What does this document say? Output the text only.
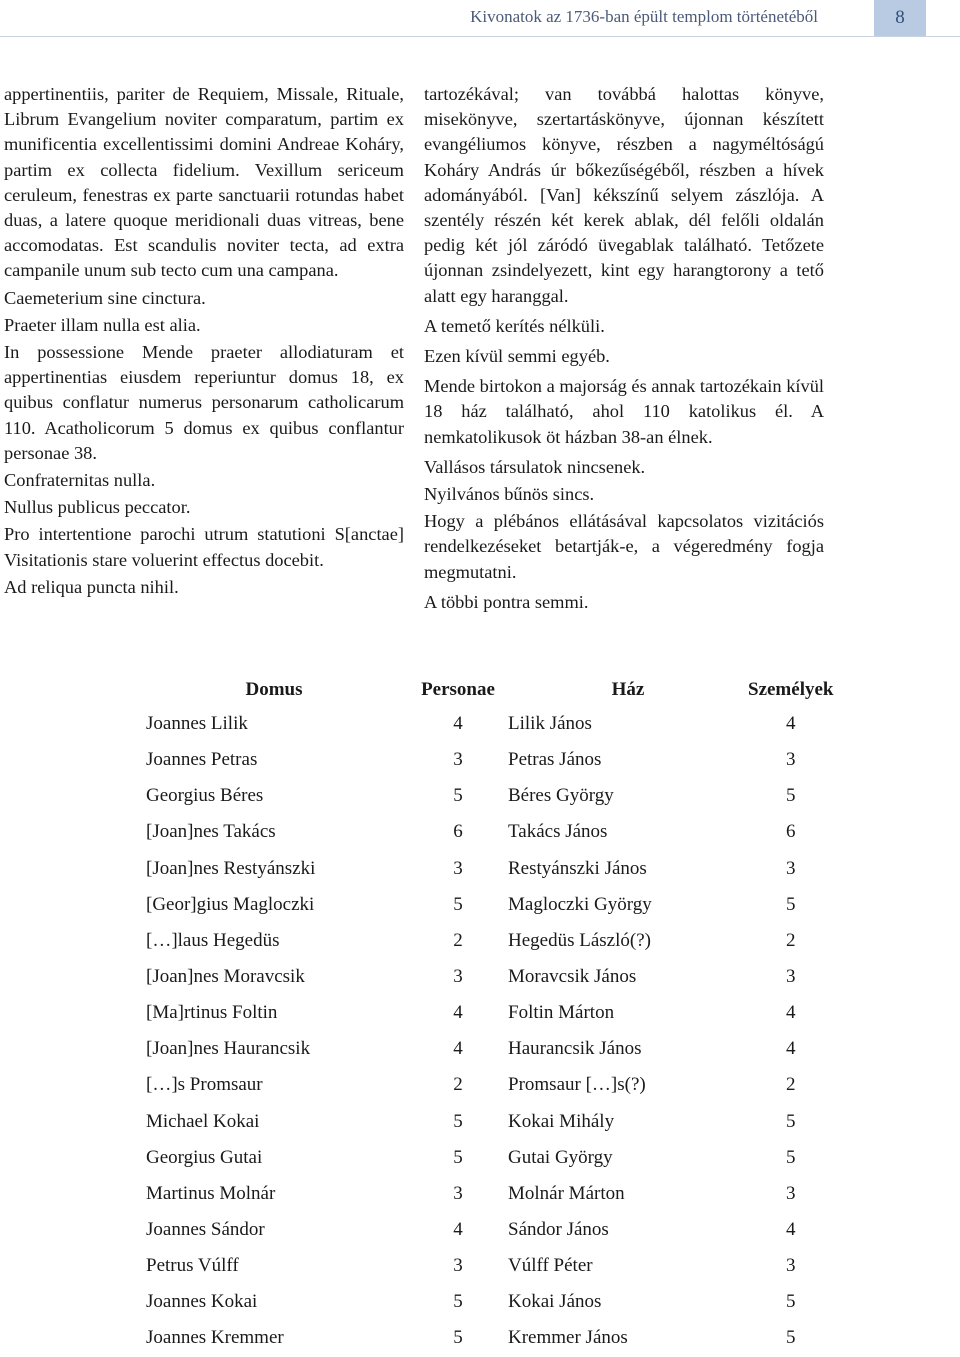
Kivonatok az 1736-ban épült templom történetéből	8

appertinentiis, pariter de Requiem, Missale, Rituale, Librum Evangelium noviter comparatum, partim ex munificentia excellentissimi domini Andreae Koháry, partim ex collecta fidelium. Vexillum sericeum ceruleum, fenestras ex parte sanctuarii rotundas habet duas, a latere quoque meridionali duas vitreas, bene accomodatas. Est scandulis noviter tecta, ad extra campanile unum sub tecto cum una campana.

Caemeterium sine cinctura.

Praeter illam nulla est alia.

In possessione Mende praeter allodiaturam et appertinentias eiusdem reperiuntur domus 18, ex quibus conflatur numerus personarum catholicarum 110. Acatholicorum 5 domus ex quibus conflantur personae 38.

Confraternitas nulla.

Nullus publicus peccator.

Pro intertentione parochi utrum statutioni S[anctae] Visitationis stare voluerint effectus docebit.

Ad reliqua puncta nihil.

tartozékával; van továbbá halottas könyve, misekönyve, szertartáskönyve, újonnan készített evangéliumos könyve, részben a nagyméltóságú Koháry András úr bőkezűségéből, részben a hívek adományából. [Van] kékszínű selyem zászlója. A szentély részén két kerek ablak, dél felőli oldalán pedig két jól záródó üvegablak található. Tetőzete újonnan zsindelyezett, kint egy harangtorony a tető alatt egy haranggal.

A temető kerítés nélküli.

Ezen kívül semmi egyéb.

Mende birtokon a majorság és annak tartozékain kívül 18 ház található, ahol 110 katolikus él. A nemkatolikusok öt házban 38-an élnek.

Vallásos társulatok nincsenek.

Nyilvános bűnös sincs.

Hogy a plébános ellátásával kapcsolatos vizitációs rendelkezéseket betartják-e, a végeredmény fogja megmutatni.

A többi pontra semmi.

Domus	Personae	Ház	Személyek
Joannes Lilik	4	Lilik János	4
Joannes Petras	3	Petras János	3
Georgius Béres	5	Béres György	5
[Joan]nes Takács	6	Takács János	6
[Joan]nes Restyánszki	3	Restyánszki János	3
[Geor]gius Magloczki	5	Magloczki György	5
[…]laus Hegedüs	2	Hegedüs László(?)	2
[Joan]nes Moravcsik	3	Moravcsik János	3
[Ma]rtinus Foltin	4	Foltin Márton	4
[Joan]nes Haurancsik	4	Haurancsik János	4
[…]s Promsaur	2	Promsaur […]s(?)	2
Michael Kokai	5	Kokai Mihály	5
Georgius Gutai	5	Gutai György	5
Martinus Molnár	3	Molnár Márton	3
Joannes Sándor	4	Sándor János	4
Petrus Vúlff	3	Vúlff Péter	3
Joannes Kokai	5	Kokai János	5
Joannes Kremmer	5	Kremmer János	5
